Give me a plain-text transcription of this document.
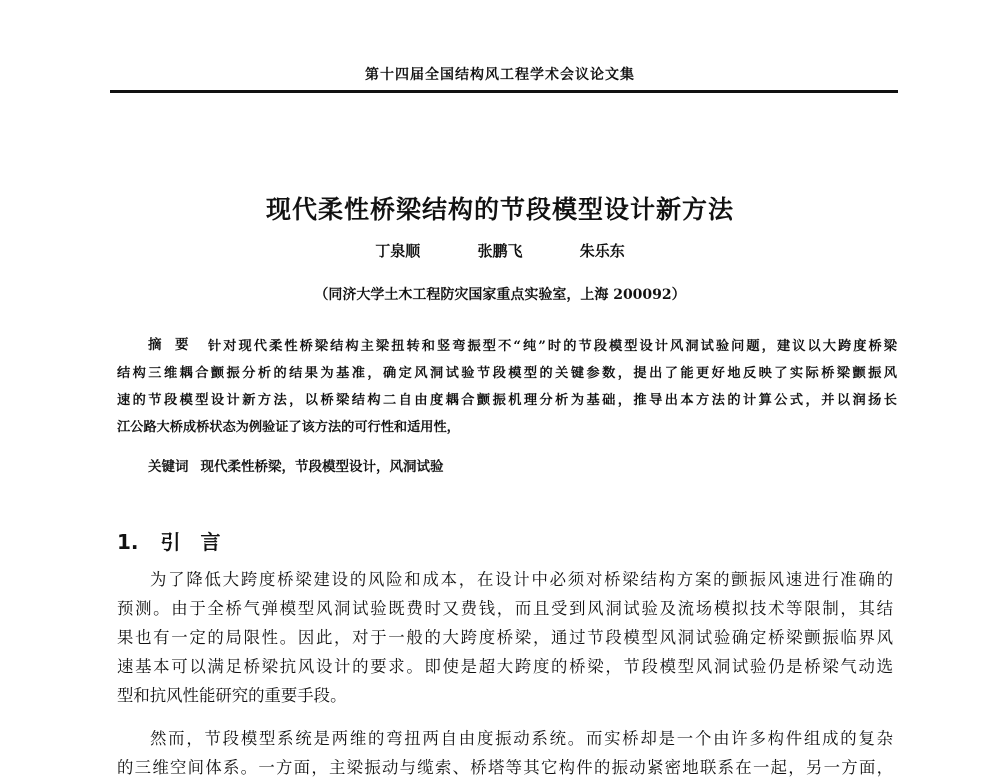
第十四届全国结构风工程学术会议论文集
现代柔性桥梁结构的节段模型设计新方法
丁泉顺	张鹏飞	朱乐东
（同济大学土木工程防灾国家重点实验室，上海 200092）
摘　要 针对现代柔性桥梁结构主梁扭转和竖弯振型不“纯”时的节段模型设计风洞试验问题，建议以大跨度桥梁
结构三维耦合颤振分析的结果为基准，确定风洞试验节段模型的关键参数，提出了能更好地反映了实际桥梁颤振风
速的节段模型设计新方法，以桥梁结构二自由度耦合颤振机理分析为基础，推导出本方法的计算公式，并以润扬长
江公路大桥成桥状态为例验证了该方法的可行性和适用性，
关键词 现代柔性桥梁，节段模型设计，风洞试验
1. 引　言
为了降低大跨度桥梁建设的风险和成本，在设计中必须对桥梁结构方案的颤振风速进行准确的
预测。由于全桥气弹模型风洞试验既费时又费钱，而且受到风洞试验及流场模拟技术等限制，其结
果也有一定的局限性。因此，对于一般的大跨度桥梁，通过节段模型风洞试验确定桥梁颤振临界风
速基本可以满足桥梁抗风设计的要求。即使是超大跨度的桥梁，节段模型风洞试验仍是桥梁气动选
型和抗风性能研究的重要手段。
然而，节段模型系统是两维的弯扭两自由度振动系统。而实桥却是一个由许多构件组成的复杂
的三维空间体系。一方面，主梁振动与缆索、桥塔等其它构件的振动紧密地联系在一起，另一方面，
